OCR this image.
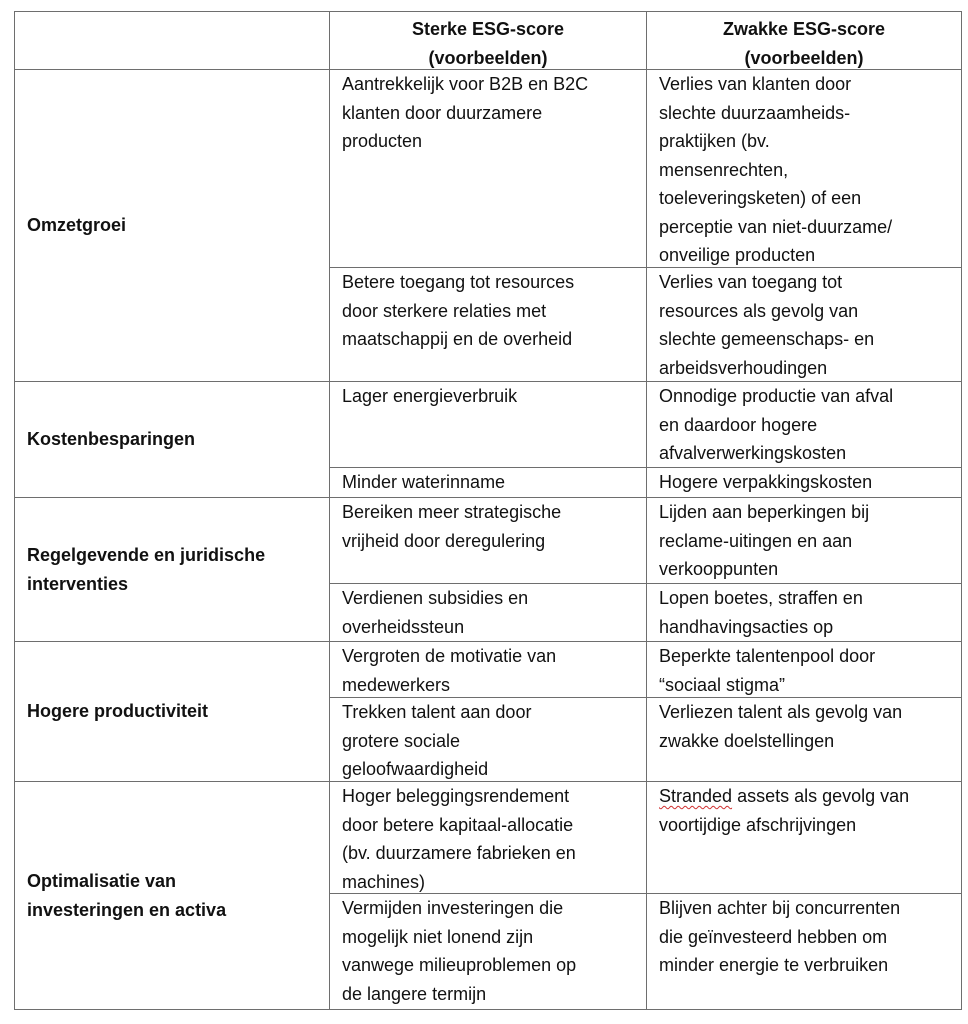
Sterke ESG-score
(voorbeelden)
Zwakke ESG-score
(voorbeelden)
Omzetgroei
Aantrekkelijk voor B2B en B2C
klanten door duurzamere
producten
Verlies van klanten door
slechte duurzaamheids-
praktijken (bv.
mensenrechten,
toeleveringsketen) of een
perceptie van niet-duurzame/
onveilige producten
Betere toegang tot resources
door sterkere relaties met
maatschappij en de overheid
Verlies van toegang tot
resources als gevolg van
slechte gemeenschaps- en
arbeidsverhoudingen
Kostenbesparingen
Lager energieverbruik	Onnodige productie van afval
en daardoor hogere
afvalverwerkingskosten
Minder waterinname	Hogere verpakkingskosten
Regelgevende en juridische
interventies
Bereiken meer strategische
vrijheid door deregulering
Lijden aan beperkingen bij
reclame-uitingen en aan
verkooppunten
Verdienen subsidies en
overheidssteun
Lopen boetes, straffen en
handhavingsacties op
Hogere productiviteit
Vergroten de motivatie van
medewerkers
Beperkte talentenpool door
“sociaal stigma”
Trekken talent aan door
grotere sociale
geloofwaardigheid
Verliezen talent als gevolg van
zwakke doelstellingen
Optimalisatie van
investeringen en activa
Hoger beleggingsrendement
door betere kapitaal-allocatie
(bv. duurzamere fabrieken en
machines)
Stranded assets als gevolg van
voortijdige afschrijvingen
Vermijden investeringen die
mogelijk niet lonend zijn
vanwege milieuproblemen op
de langere termijn
Blijven achter bij concurrenten
die geïnvesteerd hebben om
minder energie te verbruiken
